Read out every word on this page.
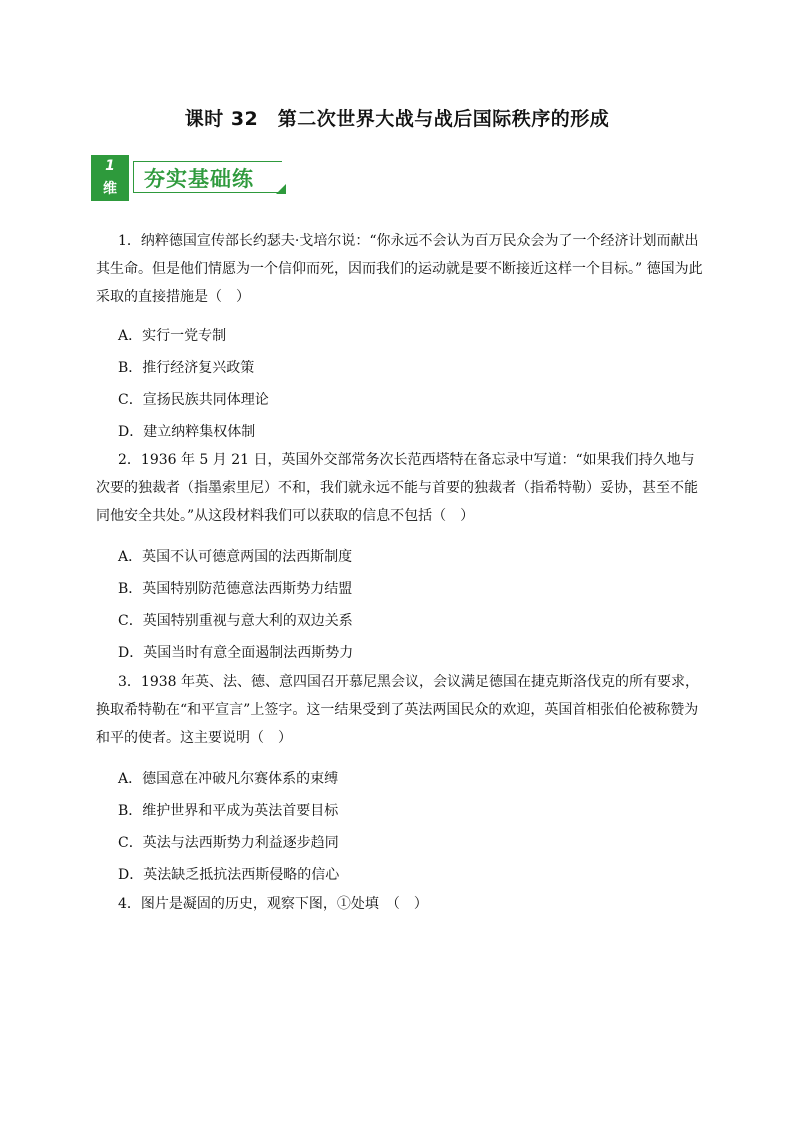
课时 32　第二次世界大战与战后国际秩序的形成
1
维	夯实基础练

1．纳粹德国宣传部长约瑟夫·戈培尔说：“你永远不会认为百万民众会为了一个经济计划而献出其生命。但是他们情愿为一个信仰而死，因而我们的运动就是要不断接近这样一个目标。” 德国为此采取的直接措施是（　）

A．实行一党专制
B．推行经济复兴政策
C．宣扬民族共同体理论
D．建立纳粹集权体制

2．1936 年 5 月 21 日，英国外交部常务次长范西塔特在备忘录中写道：“如果我们持久地与次要的独裁者（指墨索里尼）不和，我们就永远不能与首要的独裁者（指希特勒）妥协，甚至不能同他安全共处。”从这段材料我们可以获取的信息不包括（　）

A．英国不认可德意两国的法西斯制度
B．英国特别防范德意法西斯势力结盟
C．英国特别重视与意大利的双边关系
D．英国当时有意全面遏制法西斯势力

3．1938 年英、法、德、意四国召开慕尼黑会议，会议满足德国在捷克斯洛伐克的所有要求，换取希特勒在“和平宣言”上签字。这一结果受到了英法两国民众的欢迎，英国首相张伯伦被称赞为和平的使者。这主要说明（　）

A．德国意在冲破凡尔赛体系的束缚
B．维护世界和平成为英法首要目标
C．英法与法西斯势力利益逐步趋同
D．英法缺乏抵抗法西斯侵略的信心

4．图片是凝固的历史，观察下图，①处填　（　）
